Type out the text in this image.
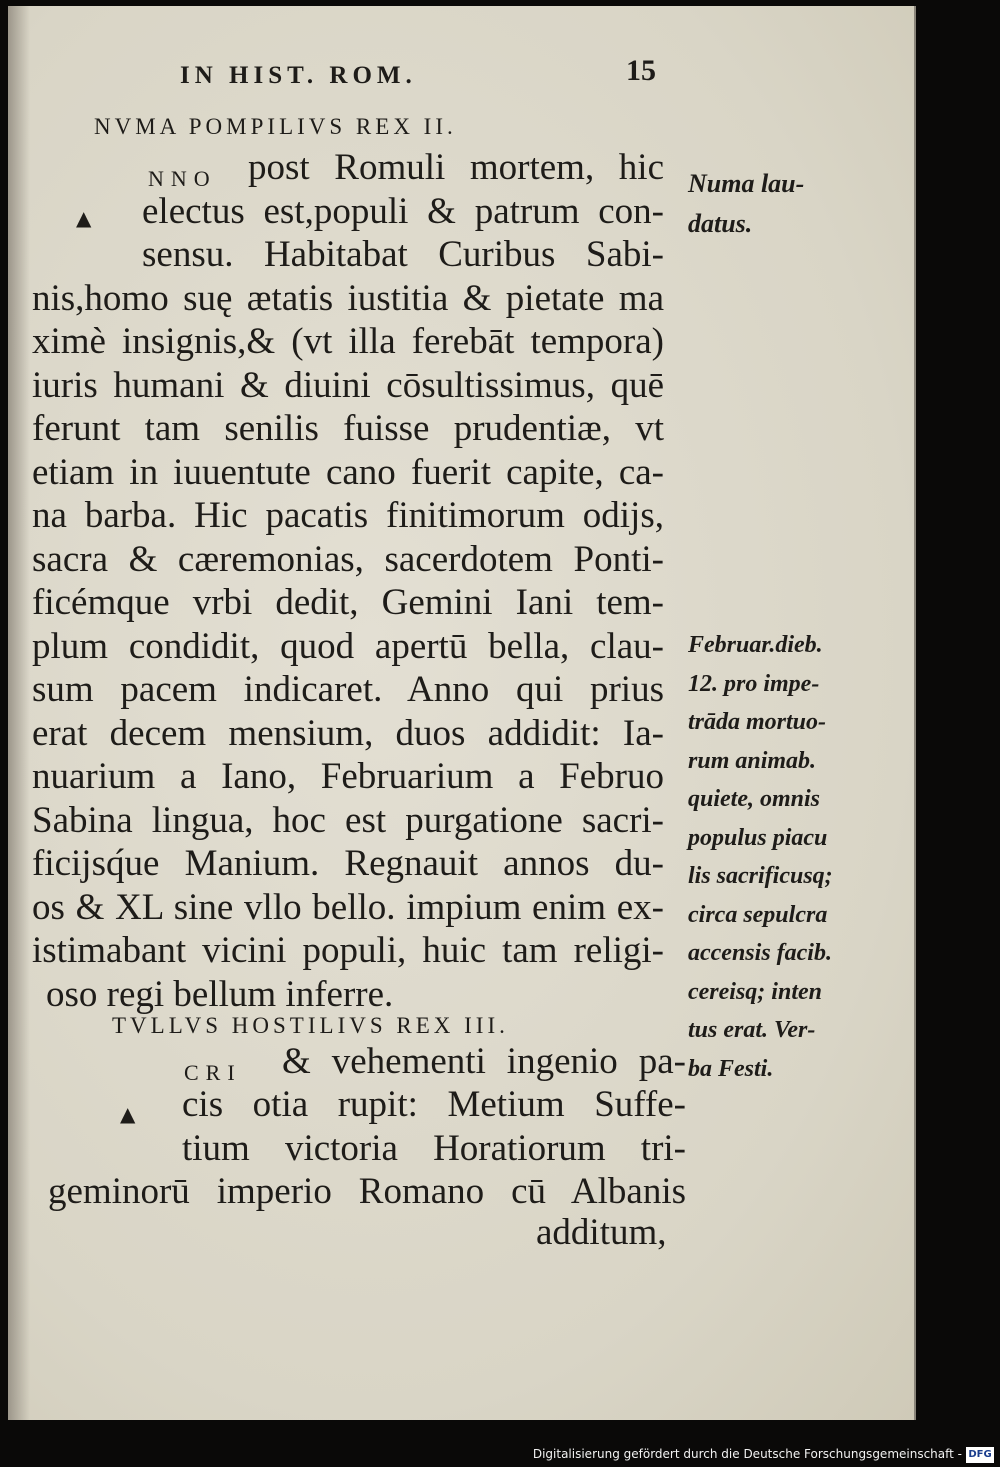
IN HIST. ROM.	15
NVMA POMPILIVS REX II.
NNO
▲
post Romuli mortem, hic
electus est,populi & patrum con-
sensu. Habitabat Curibus Sabi-
nis,homo suę ætatis iustitia & pietate ma
ximè insignis,& (vt illa ferebāt tempora)
iuris humani & diuini cōsultissimus, quē
ferunt tam senilis fuisse prudentiæ, vt
etiam in iuuentute cano fuerit capite, ca-
na barba. Hic pacatis finitimorum odijs,
sacra & cæremonias, sacerdotem Ponti-
ficémque vrbi dedit, Gemini Iani tem-
plum condidit, quod apertū bella, clau-
sum pacem indicaret. Anno qui prius
erat decem mensium, duos addidit: Ia-
nuarium a Iano, Februarium a Februo
Sabina lingua, hoc est purgatione sacri-
ficijsq́ue Manium. Regnauit annos du-
os & XL sine vllo bello. impium enim ex-
istimabant vicini populi, huic tam religi-
oso regi bellum inferre.
TVLLVS HOSTILIVS REX III.
CRI
▲
& vehementi ingenio pa-
cis otia rupit: Metium Suffe-
tium victoria Horatiorum tri-
geminorū imperio Romano cū Albanis
additum,
Numa lau-
datus.
Februar.dieb.
12. pro impe-
trāda mortuo-
rum animab.
quiete, omnis
populus piacu
lis sacrificusq;
circa sepulcra
accensis facib.
cereisq; inten
tus erat. Ver-
ba Festi.
Digitalisierung gefördert durch die Deutsche Forschungsgemeinschaft - DFG
